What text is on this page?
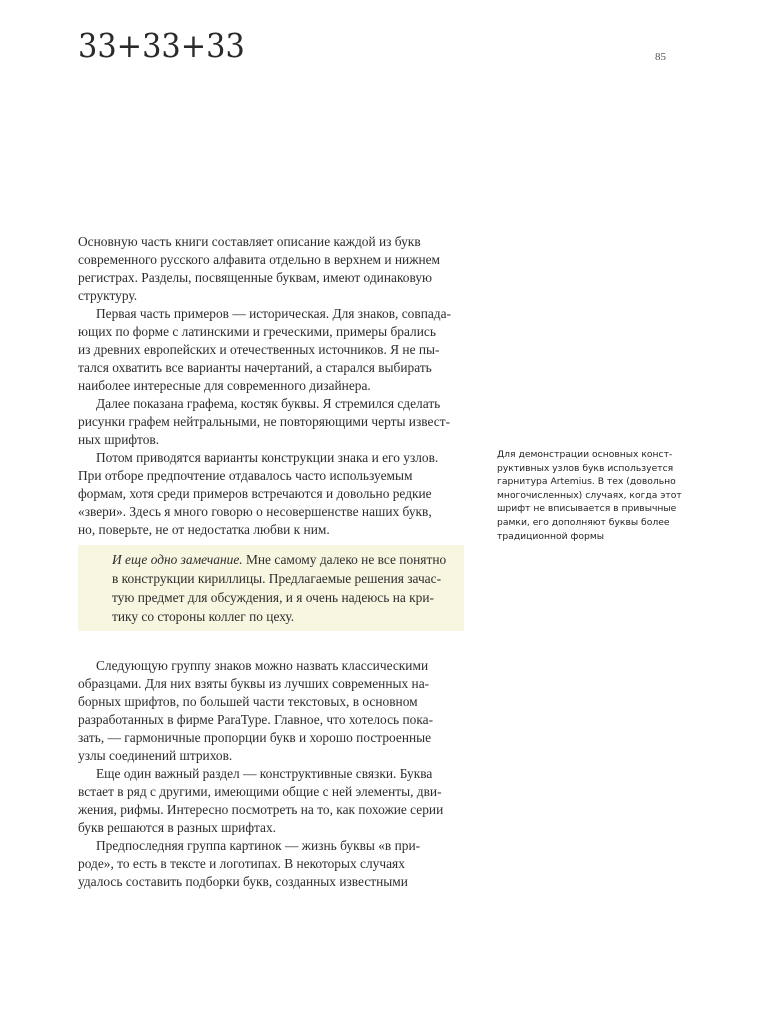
33+33+33	85
Основную часть книги составляет описание каждой из букв
современного русского алфавита отдельно в верхнем и нижнем
регистрах. Разделы, посвященные буквам, имеют одинаковую
структуру.
Первая часть примеров — историческая. Для знаков, совпада-
ющих по форме с латинскими и греческими, примеры брались
из древних европейских и отечественных источников. Я не пы-
тался охватить все варианты начертаний, а старался выбирать
наиболее интересные для современного дизайнера.
Далее показана графема, костяк буквы. Я стремился сделать
рисунки графем нейтральными, не повторяющими черты извест-
ных шрифтов.
Потом приводятся варианты конструкции знака и его узлов.
При отборе предпочтение отдавалось часто используемым
формам, хотя среди примеров встречаются и довольно редкие
«звери». Здесь я много говорю о несовершенстве наших букв,
но, поверьте, не от недостатка любви к ним.
И еще одно замечание. Мне самому далеко не все понятно
в конструкции кириллицы. Предлагаемые решения зачас-
тую предмет для обсуждения, и я очень надеюсь на кри-
тику со стороны коллег по цеху.
Следующую группу знаков можно назвать классическими
образцами. Для них взяты буквы из лучших современных на-
борных шрифтов, по большей части текстовых, в основном
разработанных в фирме ParaType. Главное, что хотелось пока-
зать, — гармоничные пропорции букв и хорошо построенные
узлы соединений штрихов.
Еще один важный раздел — конструктивные связки. Буква
встает в ряд с другими, имеющими общие с ней элементы, дви-
жения, рифмы. Интересно посмотреть на то, как похожие серии
букв решаются в разных шрифтах.
Предпоследняя группа картинок — жизнь буквы «в при-
роде», то есть в тексте и логотипах. В некоторых случаях
удалось составить подборки букв, созданных известными
Для демонстрации основных конст-
руктивных узлов букв используется
гарнитура Artemius. В тех (довольно
многочисленных) случаях, когда этот
шрифт не вписывается в привычные
рамки, его дополняют буквы более
традиционной формы
